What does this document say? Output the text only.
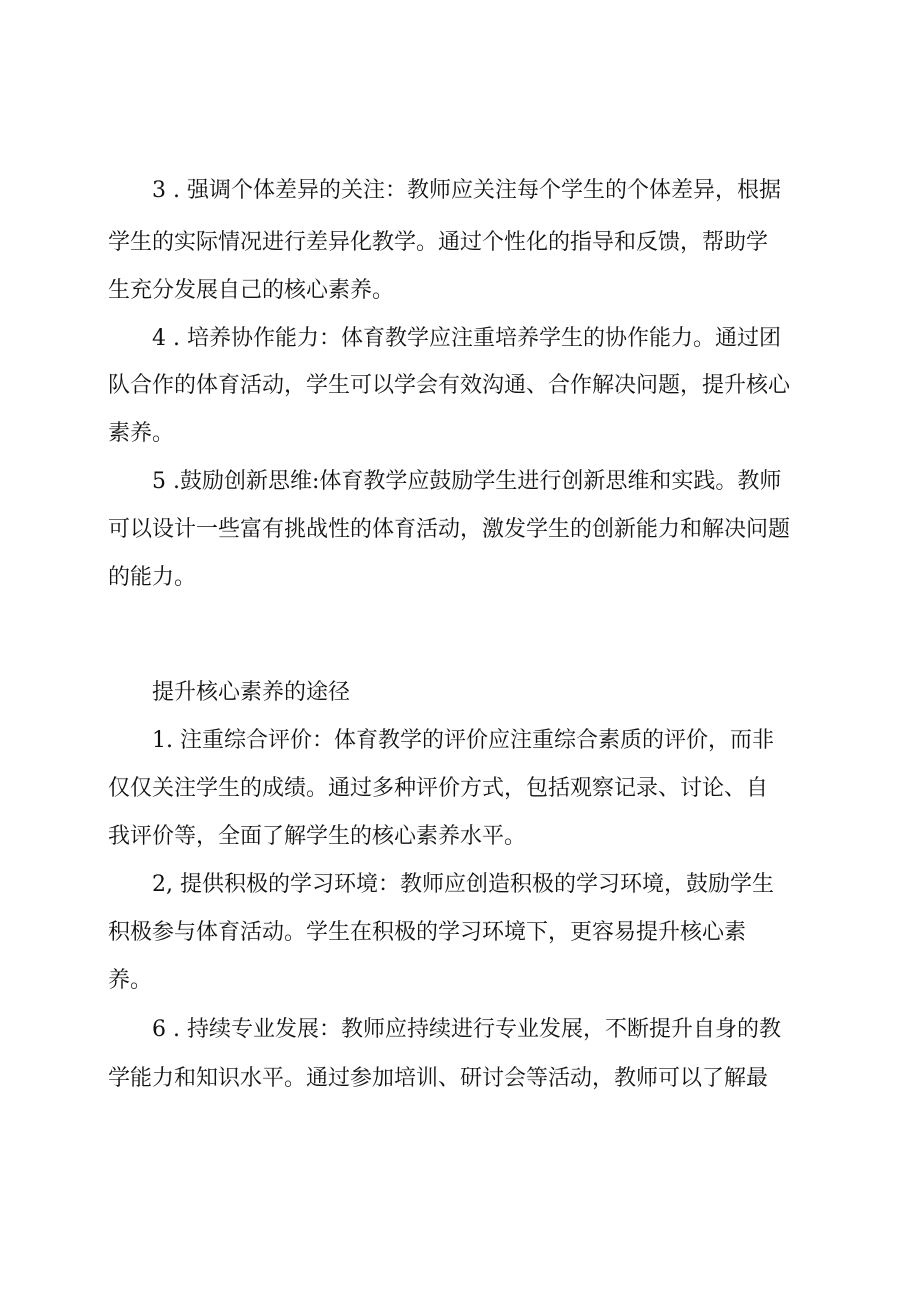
3 . 强调个体差异的关注：教师应关注每个学生的个体差异，根据

学生的实际情况进行差异化教学。通过个性化的指导和反馈，帮助学

生充分发展自己的核心素养。

4 . 培养协作能力：体育教学应注重培养学生的协作能力。通过团

队合作的体育活动，学生可以学会有效沟通、合作解决问题，提升核心

素养。

5 .鼓励创新思维:体育教学应鼓励学生进行创新思维和实践。教师

可以设计一些富有挑战性的体育活动，激发学生的创新能力和解决问题

的能力。

提升核心素养的途径

1. 注重综合评价：体育教学的评价应注重综合素质的评价，而非

仅仅关注学生的成绩。通过多种评价方式，包括观察记录、讨论、自

我评价等，全面了解学生的核心素养水平。

2, 提供积极的学习环境：教师应创造积极的学习环境，鼓励学生

积极参与体育活动。学生在积极的学习环境下，更容易提升核心素

养。

6 . 持续专业发展：教师应持续进行专业发展，不断提升自身的教

学能力和知识水平。通过参加培训、研讨会等活动，教师可以了解最
